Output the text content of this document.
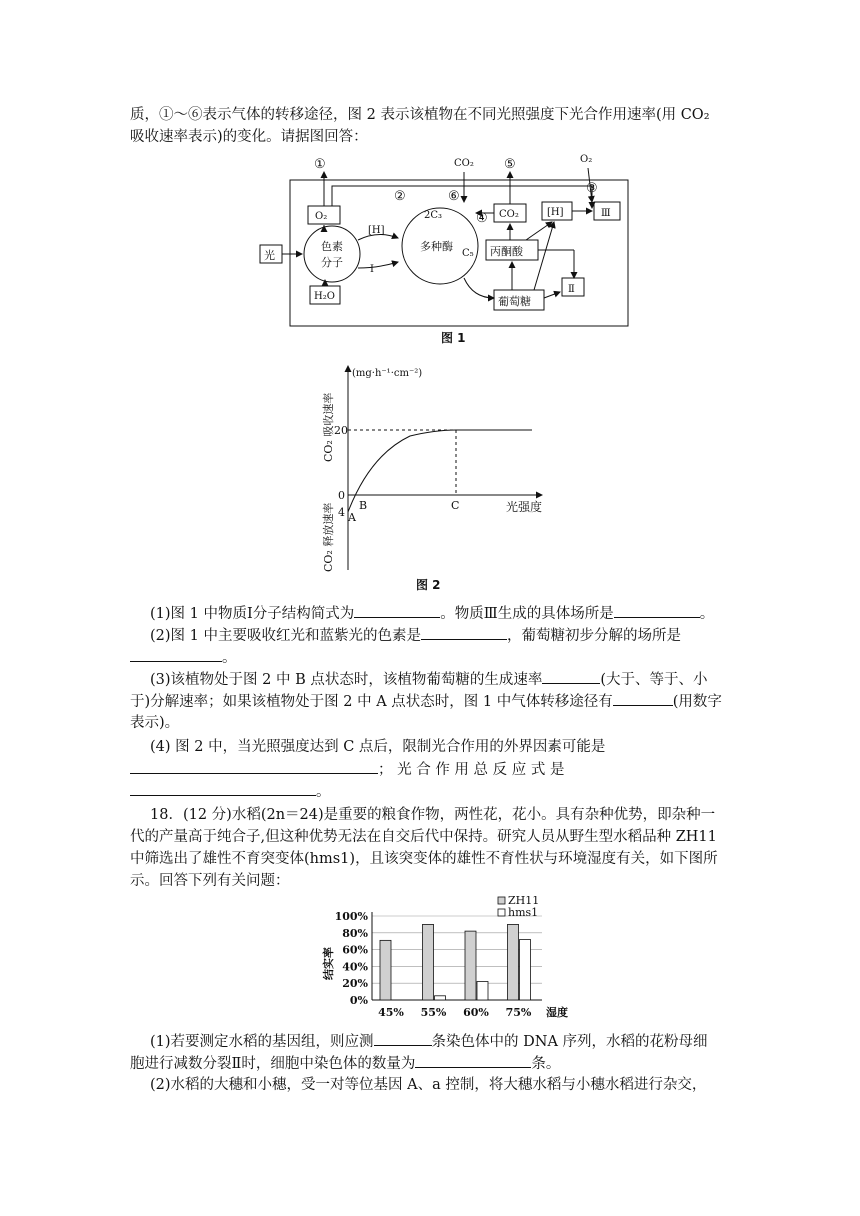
质，①～⑥表示气体的转移途径，图 2 表示该植物在不同光照强度下光合作用速率(用 CO₂
吸收速率表示)的变化。请据图回答：
光
色素
分子
O₂
H₂O
[H]
Ⅰ
多种酶
2C₃
C₅
CO₂
CO₂
O₂
[H]	Ⅲ
丙酮酸
葡萄糖
Ⅱ
①
②
③
④
⑤
⑥
图 1
(mg·h⁻¹·cm⁻²)
20
0
4 A
B	C	光强度
CO₂ 吸收速率
CO₂ 释放速率
图 2
(1)图 1 中物质Ⅰ分子结构简式为	。物质Ⅲ生成的具体场所是	。
(2)图 1 中主要吸收红光和蓝紫光的色素是	，葡萄糖初步分解的场所是
。
(3)该植物处于图 2 中 B 点状态时，该植物葡萄糖的生成速率	(大于、等于、小
于)分解速率；如果该植物处于图 2 中 A 点状态时，图 1 中气体转移途径有	(用数字
表示)。
(4) 图 2 中，当光照强度达到 C 点后，限制光合作用的外界因素可能是
； 光 合 作 用 总 反 应 式 是
。
18．(12 分)水稻(2n＝24)是重要的粮食作物，两性花，花小。具有杂种优势，即杂种一
代的产量高于纯合子,但这种优势无法在自交后代中保持。研究人员从野生型水稻品种 ZH11
中筛选出了雄性不育突变体(hms1)，且该突变体的雄性不育性状与环境湿度有关，如下图所
示。回答下列有关问题：
100%
80%
60%
40%
20%
0%
结实率
45% 55% 60% 75% 湿度
ZH11
hms1
(1)若要测定水稻的基因组，则应测	条染色体中的 DNA 序列，水稻的花粉母细
胞进行减数分裂Ⅱ时，细胞中染色体的数量为	条。
(2)水稻的大穗和小穗，受一对等位基因 A、a 控制，将大穗水稻与小穗水稻进行杂交，
